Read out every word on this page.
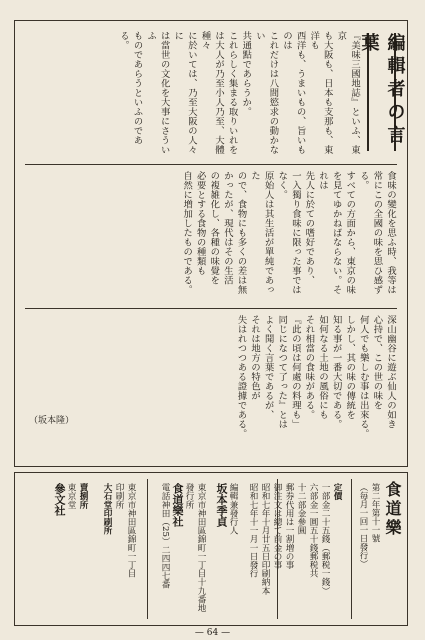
編輯者の言葉
『美味三國地誌』といふ、東京
も大阪も、日本も支那も、東洋も
西洋も、うまいもの、旨いものは
これだけは八間慾求の動かない
共通點であらうか。
これらしく集まる取りいれを
は大人が乃至小人乃至、大體種々
に於いては、乃至大阪の人々に
は當世の文化を大事にさういふ
ものであらうといふのである。
食味の變化を思ふ時、我等は
常にこの全國の味を思ひ感ずる。
すべての方面から、東京の味
を見てゆかねばならない。それは
先人に於ての嗜好であり、
一入獨り食味に限った事ではなく。
原始人は其生活が單純であった
ので、食物にも多くの差は無
かったが、現代はその生活
の複雑化し、各種の味覺を
必要とする食物の種類も
自然に増加したものである。
深山幽谷に遊ぶ仙人の如き
心持で、この世の味を
何人でも樂しむ事は出來る。
しかし、其の味の傳統を
知る事が一番大切である。
如何なる土地の風俗にも
それ相當の食味がある。
『此の頃は何處の料理も」
同じになつて了った』とは
よく聞く言葉であるが、
それは地方の特色が
失はれつつある證據である。
（坂本隆）
食道樂
第二年第十一號
（毎月一回一日發行）
定價
一部金二十五錢（郵税一錢）
六部金一圓五十錢郵税共
十二部金參圓
郵券代用は一割増の事
御注文は總て前金の事
昭和七年十月廿五日印刷納本
昭和七年十一月一日發行
編輯兼發行人
坂本季貞
東京市神田區錦町一丁目十九番地
發行所
食道樂社
電話神田（25）二四四七番
東京市神田區錦町一丁目
印刷所
大石堂印刷所
賣捌所
東京堂
參文社
— 64 —
